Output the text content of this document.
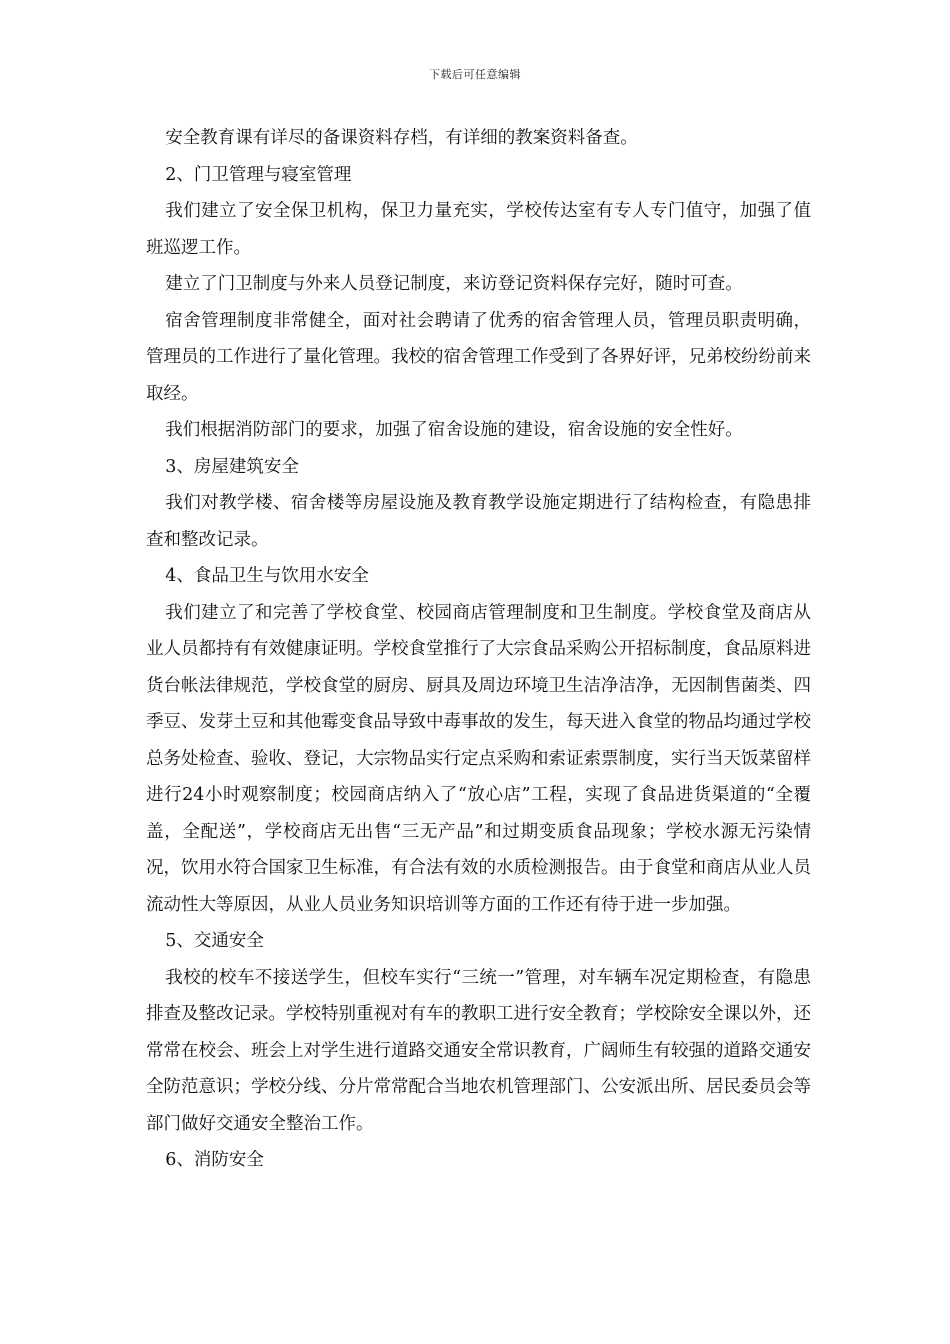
下载后可任意编辑

安全教育课有详尽的备课资料存档，有详细的教案资料备查。

2、门卫管理与寝室管理

我们建立了安全保卫机构，保卫力量充实，学校传达室有专人专门值守，加强了值班巡逻工作。

建立了门卫制度与外来人员登记制度，来访登记资料保存完好，随时可查。

宿舍管理制度非常健全，面对社会聘请了优秀的宿舍管理人员，管理员职责明确，管理员的工作进行了量化管理。我校的宿舍管理工作受到了各界好评，兄弟校纷纷前来取经。

我们根据消防部门的要求，加强了宿舍设施的建设，宿舍设施的安全性好。

3、房屋建筑安全

我们对教学楼、宿舍楼等房屋设施及教育教学设施定期进行了结构检查，有隐患排查和整改记录。

4、食品卫生与饮用水安全

我们建立了和完善了学校食堂、校园商店管理制度和卫生制度。学校食堂及商店从业人员都持有有效健康证明。学校食堂推行了大宗食品采购公开招标制度，食品原料进货台帐法律规范，学校食堂的厨房、厨具及周边环境卫生洁净洁净，无因制售菌类、四季豆、发芽土豆和其他霉变食品导致中毒事故的发生，每天进入食堂的物品均通过学校总务处检查、验收、登记，大宗物品实行定点采购和索证索票制度，实行当天饭菜留样进行24小时观察制度；校园商店纳入了“放心店”工程，实现了食品进货渠道的“全覆盖，全配送”，学校商店无出售“三无产品”和过期变质食品现象；学校水源无污染情况，饮用水符合国家卫生标准，有合法有效的水质检测报告。由于食堂和商店从业人员流动性大等原因，从业人员业务知识培训等方面的工作还有待于进一步加强。

5、交通安全

我校的校车不接送学生，但校车实行“三统一”管理，对车辆车况定期检查，有隐患排查及整改记录。学校特别重视对有车的教职工进行安全教育；学校除安全课以外，还常常在校会、班会上对学生进行道路交通安全常识教育，广阔师生有较强的道路交通安全防范意识；学校分线、分片常常配合当地农机管理部门、公安派出所、居民委员会等部门做好交通安全整治工作。

6、消防安全
